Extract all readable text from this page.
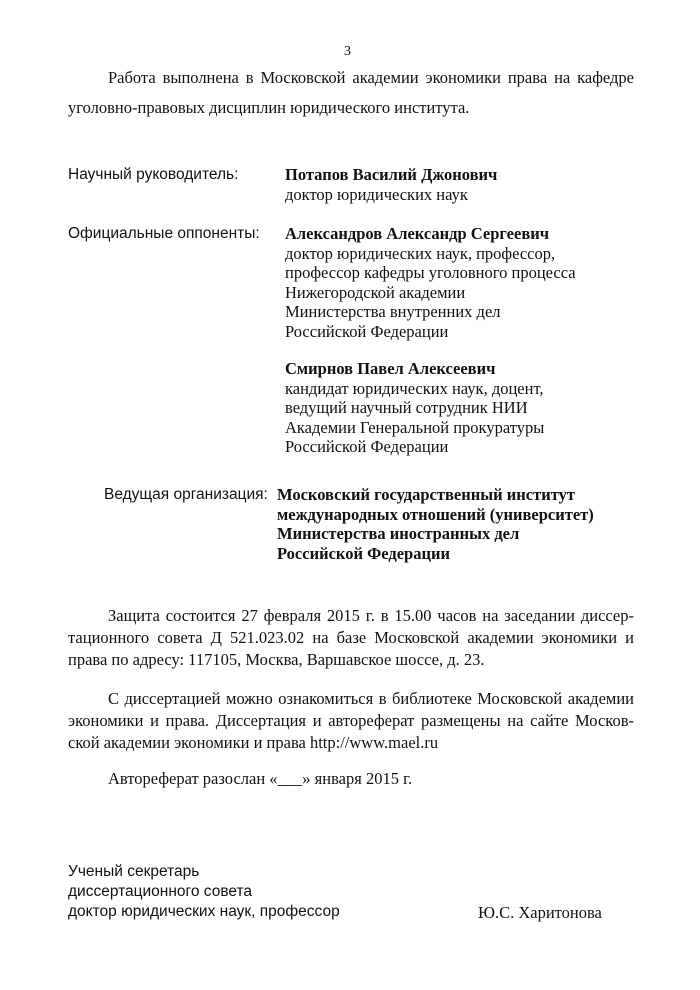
3
Работа выполнена в Московской академии экономики права на кафедре
уголовно-правовых дисциплин юридического института.
Научный руководитель:	Потапов Василий Джонович
доктор юридических наук
Официальные оппоненты: Александров Александр Сергеевич
доктор юридических наук, профессор,
профессор кафедры уголовного процесса
Нижегородской академии
Министерства внутренних дел
Российской Федерации
Смирнов Павел Алексеевич
кандидат юридических наук, доцент,
ведущий научный сотрудник НИИ
Академии Генеральной прокуратуры
Российской Федерации
Ведущая организация: Московский государственный институт
международных отношений (университет)
Министерства иностранных дел
Российской Федерации
Защита состоится 27 февраля 2015 г. в 15.00 часов на заседании диссер-
тационного совета Д 521.023.02 на базе Московской академии экономики и
права по адресу: 117105, Москва, Варшавское шоссе, д. 23.
С диссертацией можно ознакомиться в библиотеке Московской академии
экономики и права. Диссертация и автореферат размещены на сайте Москов-
ской академии экономики и права http://www.mael.ru
Автореферат разослан «___» января 2015 г.
Ученый секретарь
диссертационного совета
доктор юридических наук, профессор	Ю.С. Харитонова
